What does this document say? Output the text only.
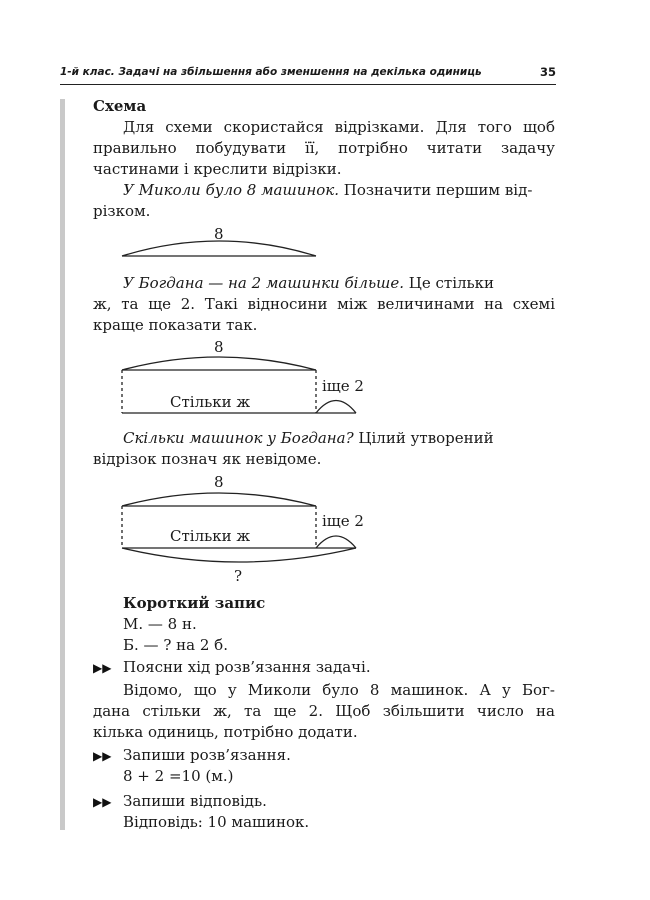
1-й клас. Задачі на збільшення або зменшення на декілька одиниць	35
Схема
Для схеми скористайся відрізками. Для того щоб
правильно побудувати її, потрібно читати задачу
частинами і креслити відрізки.
У Миколи було 8 машинок. Позначити першим від-
різком.
8
У Богдана — на 2 машинки більше. Це стільки
ж, та ще 2. Такі відносини між величинами на схемі
краще показати так.
8
Стільки ж
іще 2
Скільки машинок у Богдана? Цілий утворений
відрізок познач як невідоме.
8
Стільки ж
іще 2
?
Короткий запис
М. — 8 н.
Б. — ? на 2 б.
▶▶ Поясни хід розв’язання задачі.
Відомо, що у Миколи було 8 машинок. А у Бог-
дана стільки ж, та ще 2. Щоб збільшити число на
кілька одиниць, потрібно додати.
▶▶ Запиши розв’язання.
8 + 2 =10 (м.)
▶▶ Запиши відповідь.
Відповідь: 10 машинок.
